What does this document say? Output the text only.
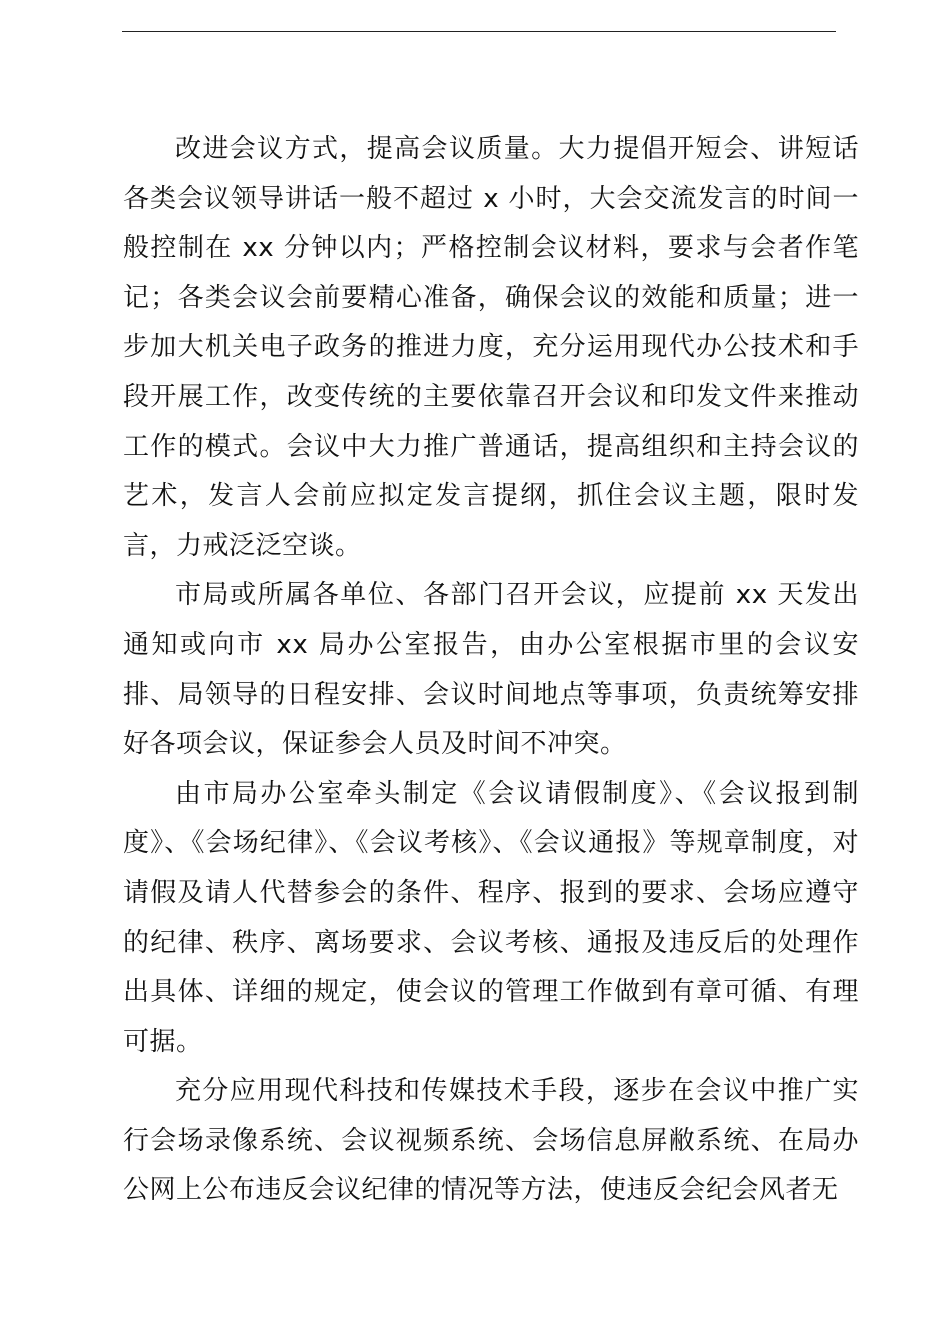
改进会议方式，提高会议质量。大力提倡开短会、讲短话各类会议领导讲话一般不超过 x 小时，大会交流发言的时间一般控制在 xx 分钟以内；严格控制会议材料，要求与会者作笔记；各类会议会前要精心准备，确保会议的效能和质量；进一步加大机关电子政务的推进力度，充分运用现代办公技术和手段开展工作，改变传统的主要依靠召开会议和印发文件来推动工作的模式。会议中大力推广普通话，提高组织和主持会议的艺术，发言人会前应拟定发言提纲，抓住会议主题，限时发言，力戒泛泛空谈。

市局或所属各单位、各部门召开会议，应提前 xx 天发出通知或向市 xx 局办公室报告，由办公室根据市里的会议安排、局领导的日程安排、会议时间地点等事项，负责统筹安排好各项会议，保证参会人员及时间不冲突。

由市局办公室牵头制定《会议请假制度》、《会议报到制度》、《会场纪律》、《会议考核》、《会议通报》等规章制度，对请假及请人代替参会的条件、程序、报到的要求、会场应遵守的纪律、秩序、离场要求、会议考核、通报及违反后的处理作出具体、详细的规定，使会议的管理工作做到有章可循、有理可据。

充分应用现代科技和传媒技术手段，逐步在会议中推广实行会场录像系统、会议视频系统、会场信息屏敝系统、在局办公网上公布违反会议纪律的情况等方法，使违反会纪会风者无
